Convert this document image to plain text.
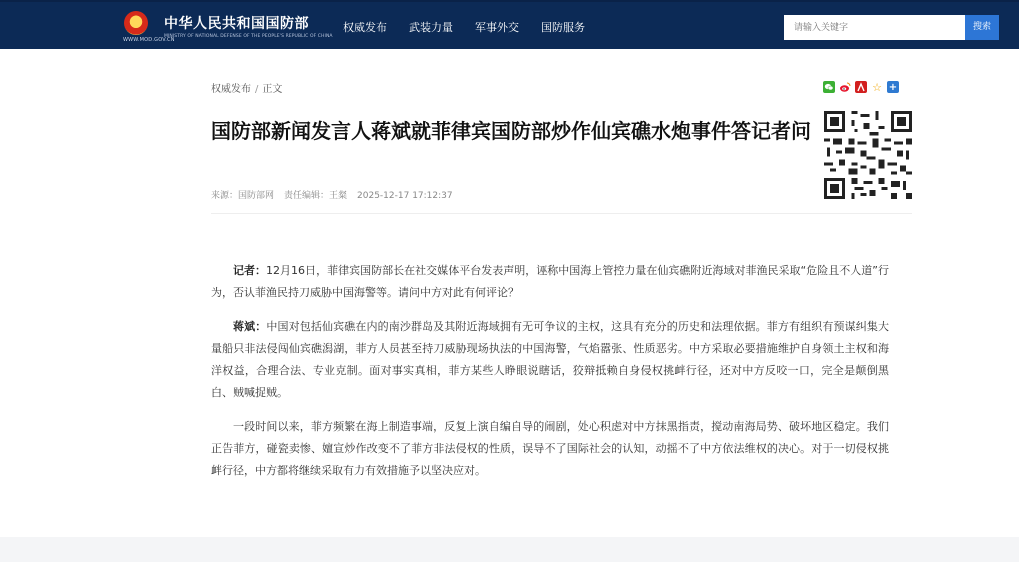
WWW.MOD.GOV.CN
中华人民共和国国防部
MINISTRY OF NATIONAL DEFENSE OF THE PEOPLE'S REPUBLIC OF CHINA
权威发布 武装力量 军事外交 国防服务
请输入关键字	搜索
权威发布 / 正文	☆ +
国防部新闻发言人蒋斌就菲律宾国防部炒作仙宾礁水炮事件答记者问
来源：国防部网 责任编辑：王粲 2025-12-17 17:12:37

记者：12月16日，菲律宾国防部长在社交媒体平台发表声明，诬称中国海上管控力量在仙宾礁附近海域对菲渔民采取“危险且不人道”行为，否认菲渔民持刀威胁中国海警等。请问中方对此有何评论？

蒋斌：中国对包括仙宾礁在内的南沙群岛及其附近海域拥有无可争议的主权，这具有充分的历史和法理依据。菲方有组织有预谋纠集大量船只非法侵闯仙宾礁潟湖，菲方人员甚至持刀威胁现场执法的中国海警，气焰嚣张、性质恶劣。中方采取必要措施维护自身领土主权和海洋权益，合理合法、专业克制。面对事实真相，菲方某些人睁眼说瞎话，狡辩抵赖自身侵权挑衅行径，还对中方反咬一口，完全是颠倒黑白、贼喊捉贼。

一段时间以来，菲方频繁在海上制造事端，反复上演自编自导的闹剧，处心积虑对中方抹黑指责，搅动南海局势、破坏地区稳定。我们正告菲方，碰瓷卖惨、嬗宣炒作改变不了菲方非法侵权的性质，误导不了国际社会的认知，动摇不了中方依法维权的决心。对于一切侵权挑衅行径，中方都将继续采取有力有效措施予以坚决应对。
